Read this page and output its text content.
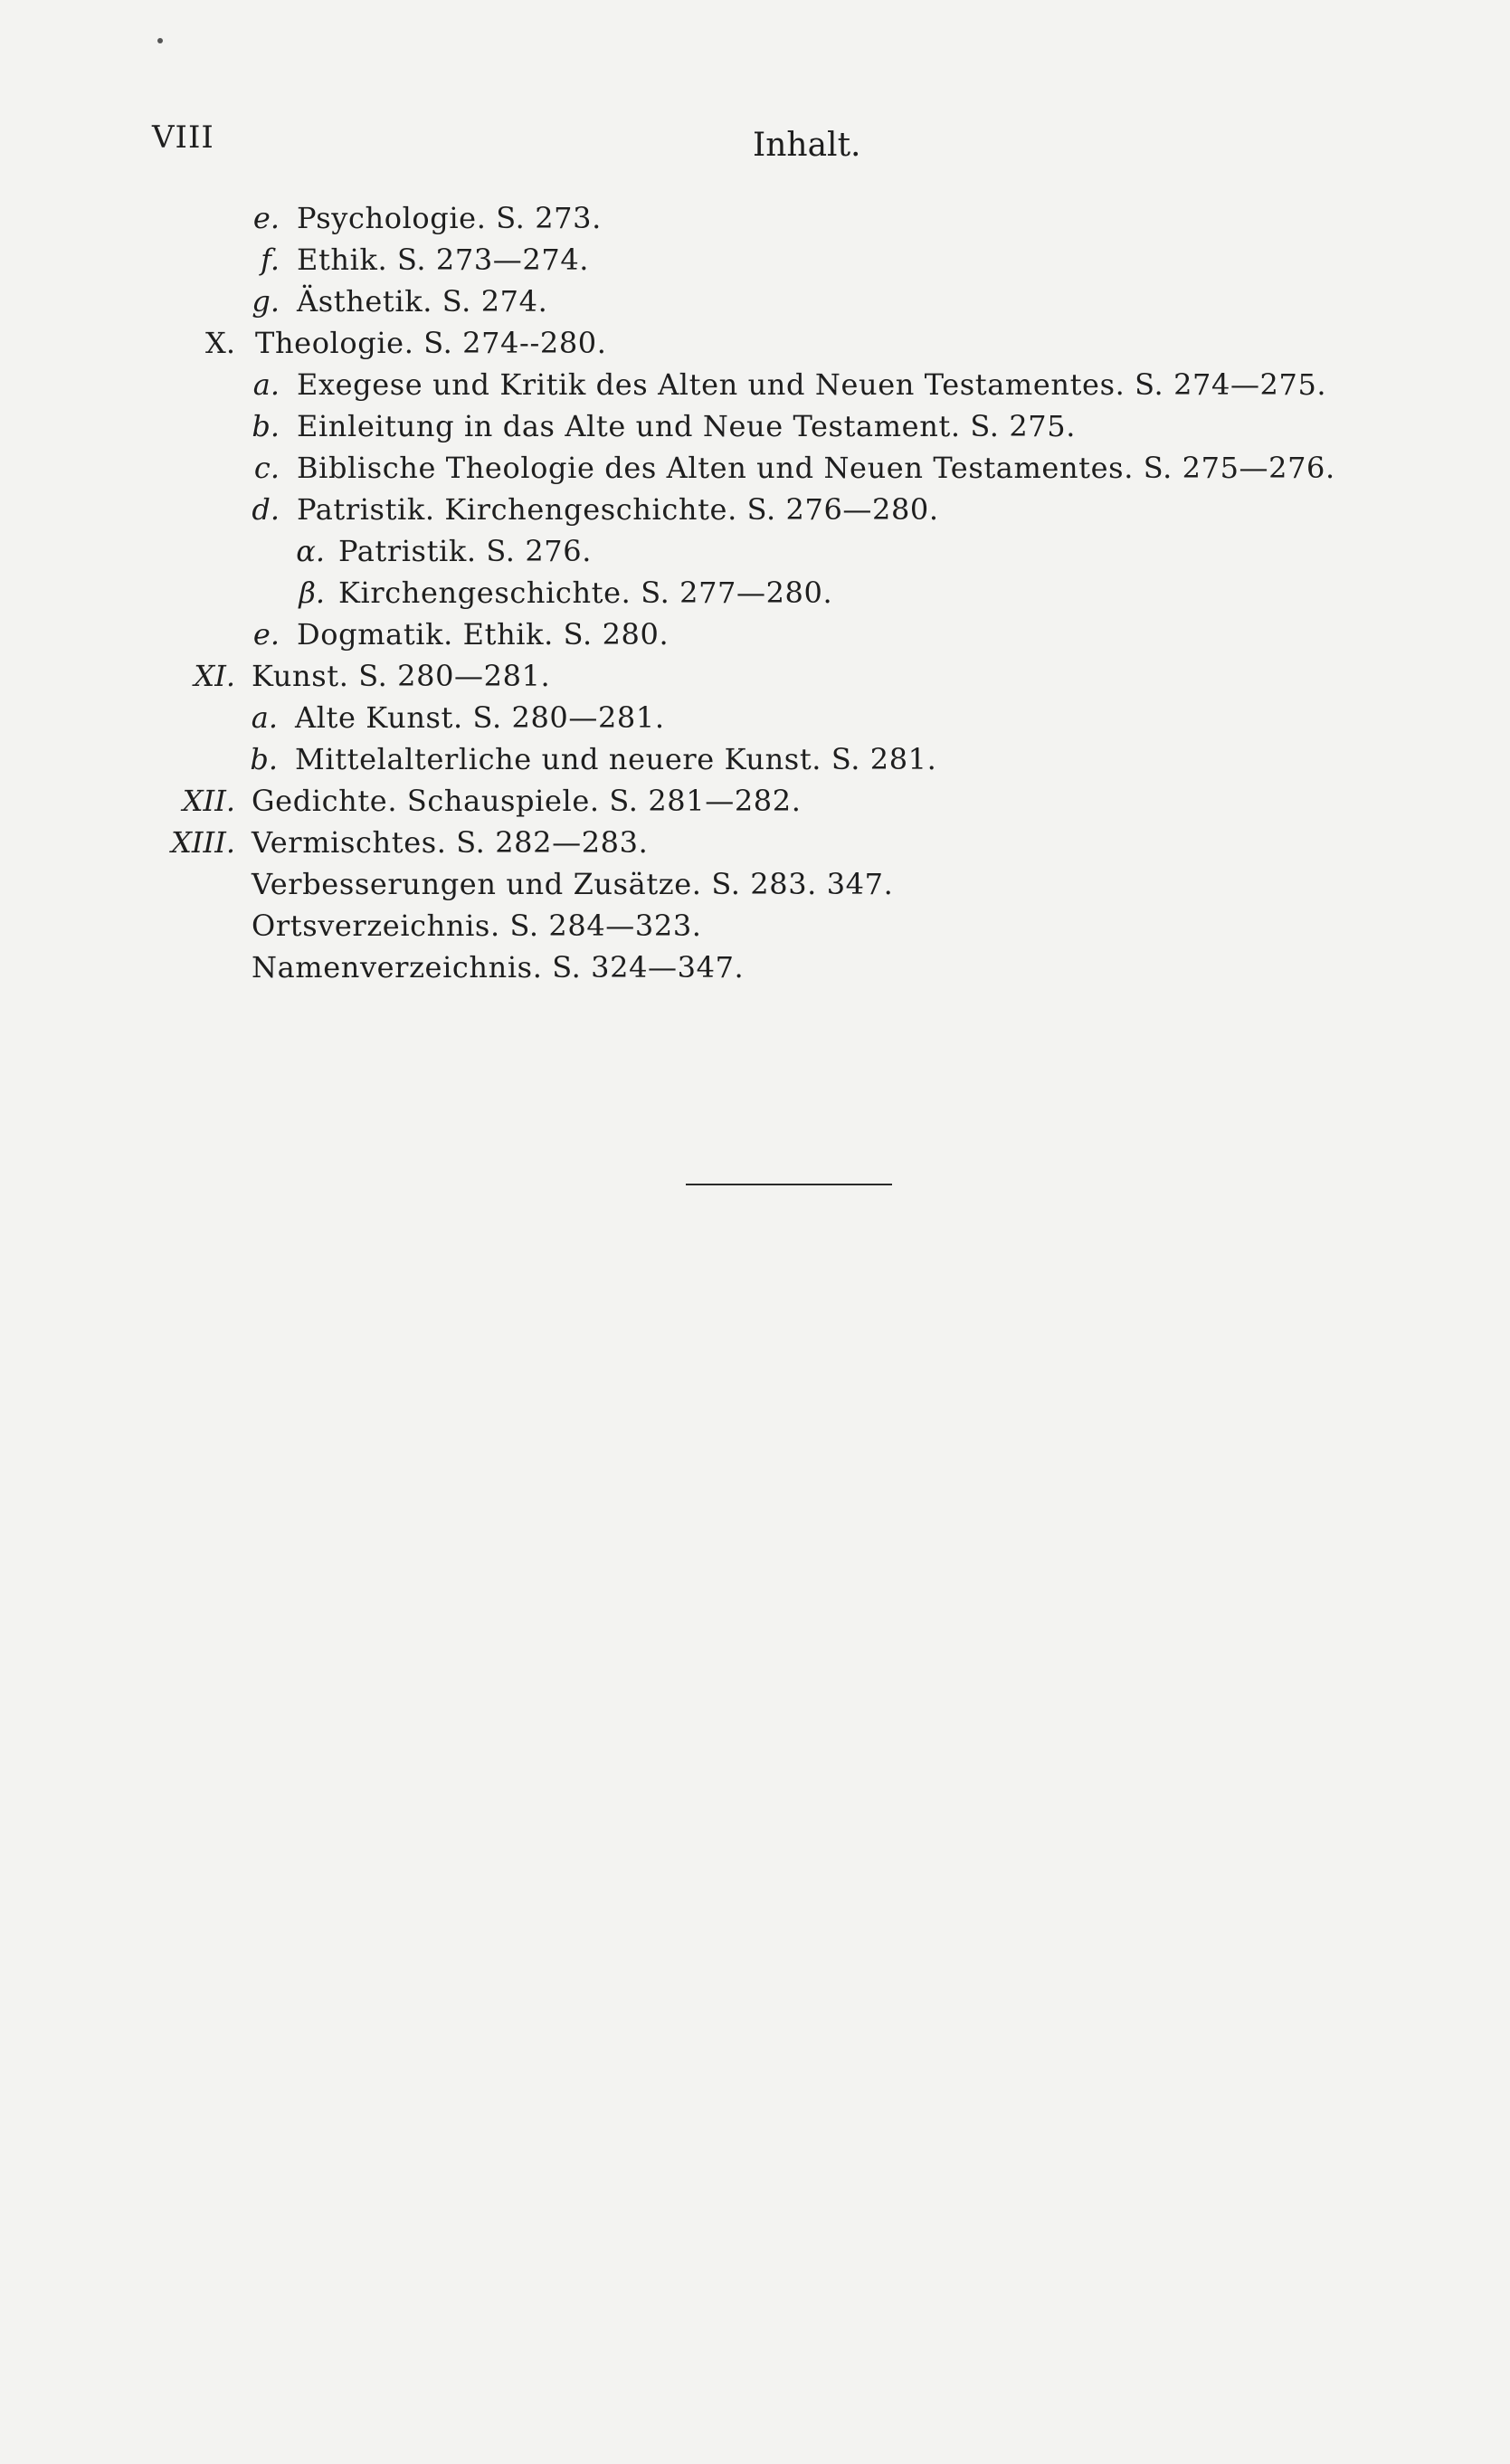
VIII	Inhalt.
e. Psychologie. S. 273.
f. Ethik. S. 273—274.
g. Ästhetik. S. 274.
X. Theologie. S. 274--280.
a. Exegese und Kritik des Alten und Neuen Testamentes. S. 274—275.
b. Einleitung in das Alte und Neue Testament. S. 275.
c. Biblische Theologie des Alten und Neuen Testamentes. S. 275—276.
d. Patristik. Kirchengeschichte. S. 276—280.
α. Patristik. S. 276.
β. Kirchengeschichte. S. 277—280.
e. Dogmatik. Ethik. S. 280.
XI. Kunst. S. 280—281.
a. Alte Kunst. S. 280—281.
b. Mittelalterliche und neuere Kunst. S. 281.
XII. Gedichte. Schauspiele. S. 281—282.
XIII. Vermischtes. S. 282—283.
Verbesserungen und Zusätze. S. 283. 347.
Ortsverzeichnis. S. 284—323.
Namenverzeichnis. S. 324—347.
